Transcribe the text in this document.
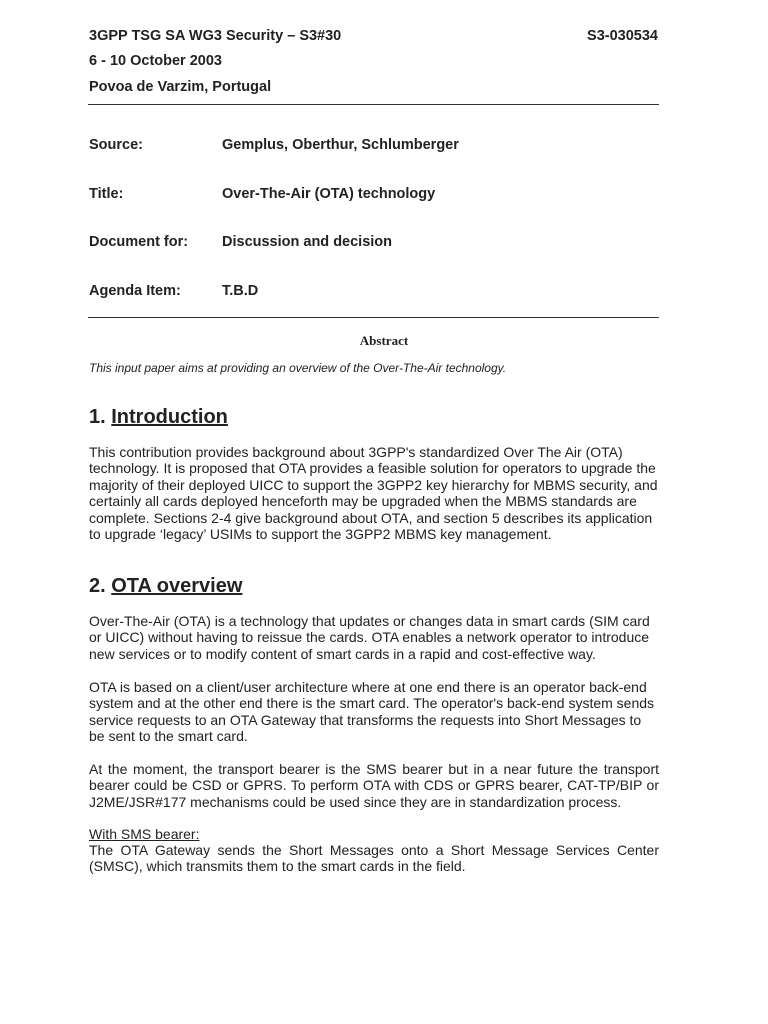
3GPP TSG SA WG3 Security – S3#30	S3-030534
6 - 10 October 2003
Povoa de Varzim, Portugal
Source:	Gemplus, Oberthur, Schlumberger
Title:	Over-The-Air (OTA) technology
Document for: Discussion and decision
Agenda Item:	T.B.D
Abstract
This input paper aims at providing an overview of the Over-The-Air technology.
1. Introduction

This contribution provides background about 3GPP's standardized Over The Air (OTA) technology. It is proposed that OTA provides a feasible solution for operators to upgrade the majority of their deployed UICC to support the 3GPP2 key hierarchy for MBMS security, and certainly all cards deployed henceforth may be upgraded when the MBMS standards are complete. Sections 2-4 give background about OTA, and section 5 describes its application to upgrade ‘legacy’ USIMs to support the 3GPP2 MBMS key management.

2. OTA overview

Over-The-Air (OTA) is a technology that updates or changes data in smart cards (SIM card or UICC) without having to reissue the cards. OTA enables a network operator to introduce new services or to modify content of smart cards in a rapid and cost-effective way.

OTA is based on a client/user architecture where at one end there is an operator back-end system and at the other end there is the smart card. The operator's back-end system sends service requests to an OTA Gateway that transforms the requests into Short Messages to be sent to the smart card.

At the moment, the transport bearer is the SMS bearer but in a near future the transport bearer could be CSD or GPRS. To perform OTA with CDS or GPRS bearer, CAT-TP/BIP or J2ME/JSR#177 mechanisms could be used since they are in standardization process.

With SMS bearer:

The OTA Gateway sends the Short Messages onto a Short Message Services Center (SMSC), which transmits them to the smart cards in the field.
